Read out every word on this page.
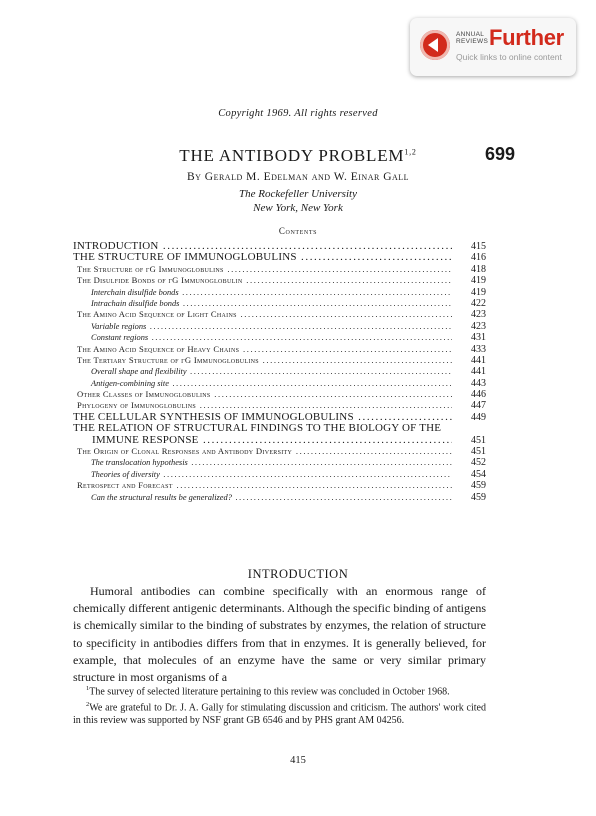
ANNUAL
REVIEWS Further
Quick links to online content
Copyright 1969. All rights reserved
THE ANTIBODY PROBLEM$^{1,2}$	699
By Gerald M. Edelman and W. Einar Gall
The Rockefeller University
New York, New York
Contents
INTRODUCTION .....	415
THE STRUCTURE OF IMMUNOGLOBULINS .....	416
The Structure of γG Immunoglobulins .....	418
The Disulfide Bonds of γG Immunoglobulin .....	419
Interchain disulfide bonds .....	419
Intrachain disulfide bonds .....	422
The Amino Acid Sequence of Light Chains .....	423
Variable regions .....	423
Constant regions .....	431
The Amino Acid Sequence of Heavy Chains .....	433
The Tertiary Structure of γG Immunoglobulins .....	441
Overall shape and flexibility .....	441
Antigen-combining site .....	443
Other Classes of Immunoglobulins .....	446
Phylogeny of Immunoglobulins .....	447
THE CELLULAR SYNTHESIS OF IMMUNOGLOBULINS .....	449
THE RELATION OF STRUCTURAL FINDINGS TO THE BIOLOGY OF THE
IMMUNE RESPONSE .....	451
The Origin of Clonal Responses and Antibody Diversity .....	451
The translocation hypothesis .....	452
Theories of diversity .....	454
Retrospect and Forecast .....	459
Can the structural results be generalized? .....	459
INTRODUCTION

Humoral antibodies can combine specifically with an enormous range of chemically different antigenic determinants. Although the specific binding of antigens is chemically similar to the binding of substrates by enzymes, the relation of structure to specificity in antibodies differs from that in enzymes. It is generally believed, for example, that molecules of an enzyme have the same or very similar primary structure in most organisms of a

$^1$The survey of selected literature pertaining to this review was concluded in October 1968.

$^2$We are grateful to Dr. J. A. Gally for stimulating discussion and criticism. The authors' work cited in this review was supported by NSF grant GB 6546 and by PHS grant AM 04256.

415
